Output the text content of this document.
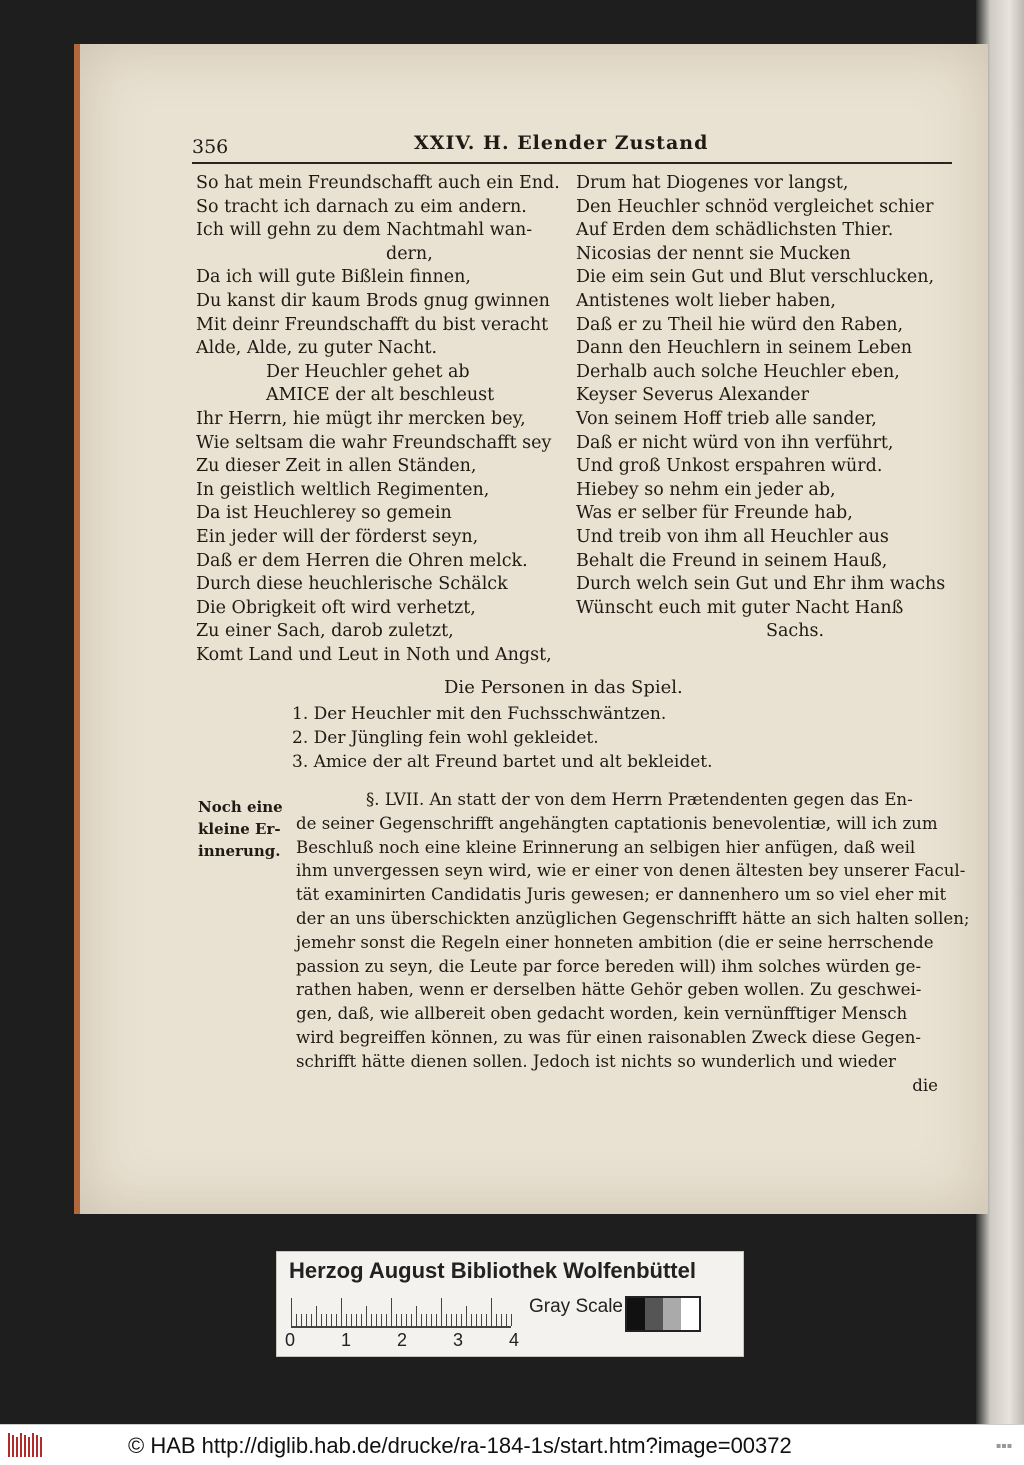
356	XXIV. H. Elender Zustand
So hat mein Freundschafft auch ein End.
So tracht ich darnach zu eim andern.
Ich will gehn zu dem Nachtmahl wan-
dern,
Da ich will gute Bißlein finnen,
Du kanst dir kaum Brods gnug gwinnen
Mit deinr Freundschafft du bist veracht
Alde, Alde, zu guter Nacht.
Der Heuchler gehet ab
AMICE der alt beschleust
Ihr Herrn, hie mügt ihr mercken bey,
Wie seltsam die wahr Freundschafft sey
Zu dieser Zeit in allen Ständen,
In geistlich weltlich Regimenten,
Da ist Heuchlerey so gemein
Ein jeder will der förderst seyn,
Daß er dem Herren die Ohren melck.
Durch diese heuchlerische Schälck
Die Obrigkeit oft wird verhetzt,
Zu einer Sach, darob zuletzt,
Komt Land und Leut in Noth und Angst,
Drum hat Diogenes vor langst,
Den Heuchler schnöd vergleichet schier
Auf Erden dem schädlichsten Thier.
Nicosias der nennt sie Mucken
Die eim sein Gut und Blut verschlucken,
Antistenes wolt lieber haben,
Daß er zu Theil hie würd den Raben,
Dann den Heuchlern in seinem Leben
Derhalb auch solche Heuchler eben,
Keyser Severus Alexander
Von seinem Hoff trieb alle sander,
Daß er nicht würd von ihn verführt,
Und groß Unkost erspahren würd.
Hiebey so nehm ein jeder ab,
Was er selber für Freunde hab,
Und treib von ihm all Heuchler aus
Behalt die Freund in seinem Hauß,
Durch welch sein Gut und Ehr ihm wachs
Wünscht euch mit guter Nacht Hanß
Sachs.
Die Personen in das Spiel.
1. Der Heuchler mit den Fuchsschwäntzen.
2. Der Jüngling fein wohl gekleidet.
3. Amice der alt Freund bartet und alt bekleidet.
Noch eine
kleine Er-
innerung.
§. LVII. An statt der von dem Herrn Prætendenten gegen das En-
de seiner Gegenschrifft angehängten captationis benevolentiæ, will ich zum
Beschluß noch eine kleine Erinnerung an selbigen hier anfügen, daß weil
ihm unvergessen seyn wird, wie er einer von denen ältesten bey unserer Facul-
tät examinirten Candidatis Juris gewesen; er dannenhero um so viel eher mit
der an uns überschickten anzüglichen Gegenschrifft hätte an sich halten sollen;
jemehr sonst die Regeln einer honneten ambition (die er seine herrschende
passion zu seyn, die Leute par force bereden will) ihm solches würden ge-
rathen haben, wenn er derselben hätte Gehör geben wollen. Zu geschwei-
gen, daß, wie allbereit oben gedacht worden, kein vernünfftiger Mensch
wird begreiffen können, zu was für einen raisonablen Zweck diese Gegen-
schrifft hätte dienen sollen. Jedoch ist nichts so wunderlich und wieder
die
Herzog August Bibliothek Wolfenbüttel
0	1	2	3	4
Gray Scale
© HAB http://diglib.hab.de/drucke/ra-184-1s/start.htm?image=00372	▪▪▪
